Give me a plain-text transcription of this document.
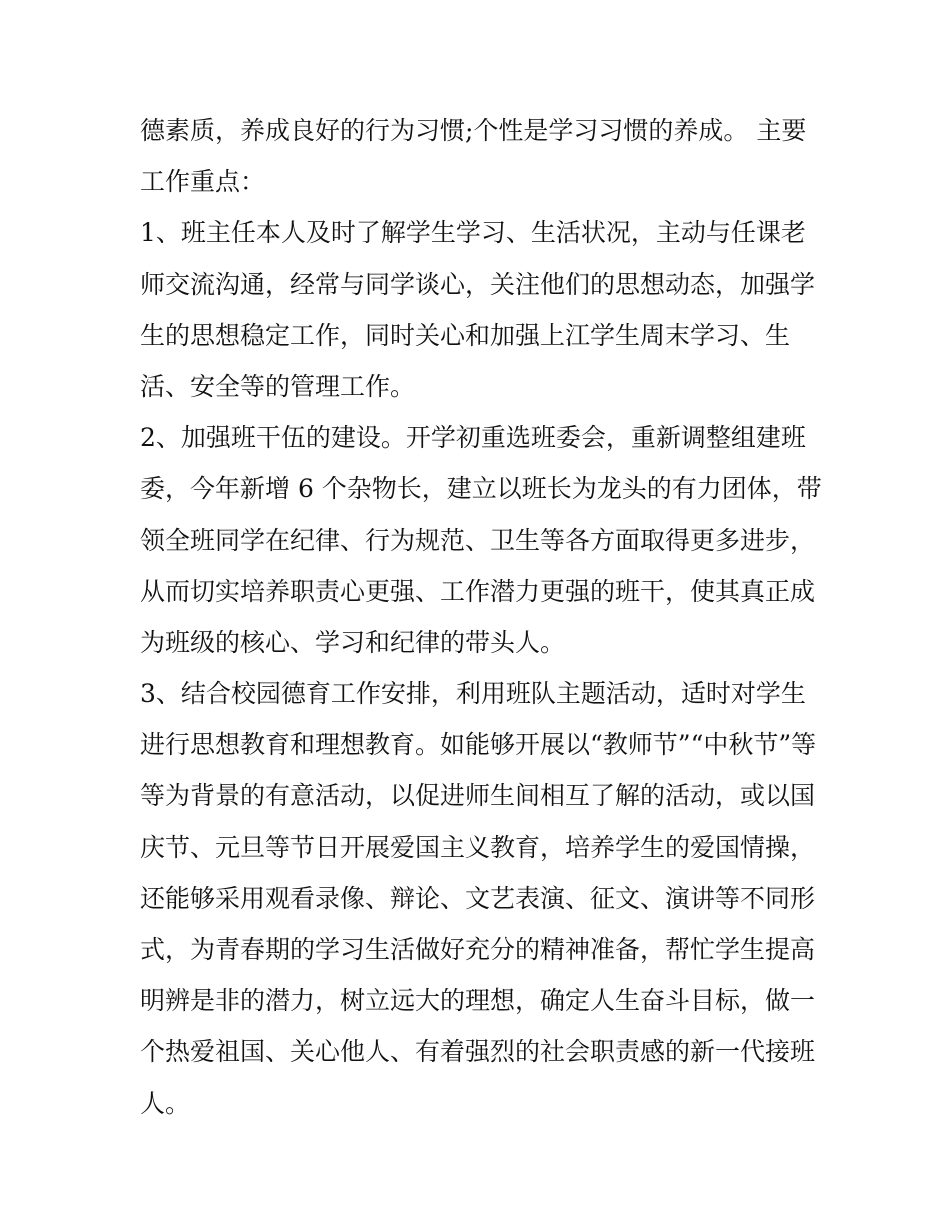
德素质，养成良好的行为习惯;个性是学习习惯的养成。 主要
工作重点：
1、班主任本人及时了解学生学习、生活状况，主动与任课老
师交流沟通，经常与同学谈心，关注他们的思想动态，加强学
生的思想稳定工作，同时关心和加强上江学生周末学习、生
活、安全等的管理工作。
2、加强班干伍的建设。开学初重选班委会，重新调整组建班
委，今年新增 6 个杂物长，建立以班长为龙头的有力团体，带
领全班同学在纪律、行为规范、卫生等各方面取得更多进步，
从而切实培养职责心更强、工作潜力更强的班干，使其真正成
为班级的核心、学习和纪律的带头人。
3、结合校园德育工作安排，利用班队主题活动，适时对学生
进行思想教育和理想教育。如能够开展以“教师节”“中秋节”等
等为背景的有意活动，以促进师生间相互了解的活动，或以国
庆节、元旦等节日开展爱国主义教育，培养学生的爱国情操，
还能够采用观看录像、辩论、文艺表演、征文、演讲等不同形
式，为青春期的学习生活做好充分的精神准备，帮忙学生提高
明辨是非的潜力，树立远大的理想，确定人生奋斗目标，做一
个热爱祖国、关心他人、有着强烈的社会职责感的新一代接班
人。
